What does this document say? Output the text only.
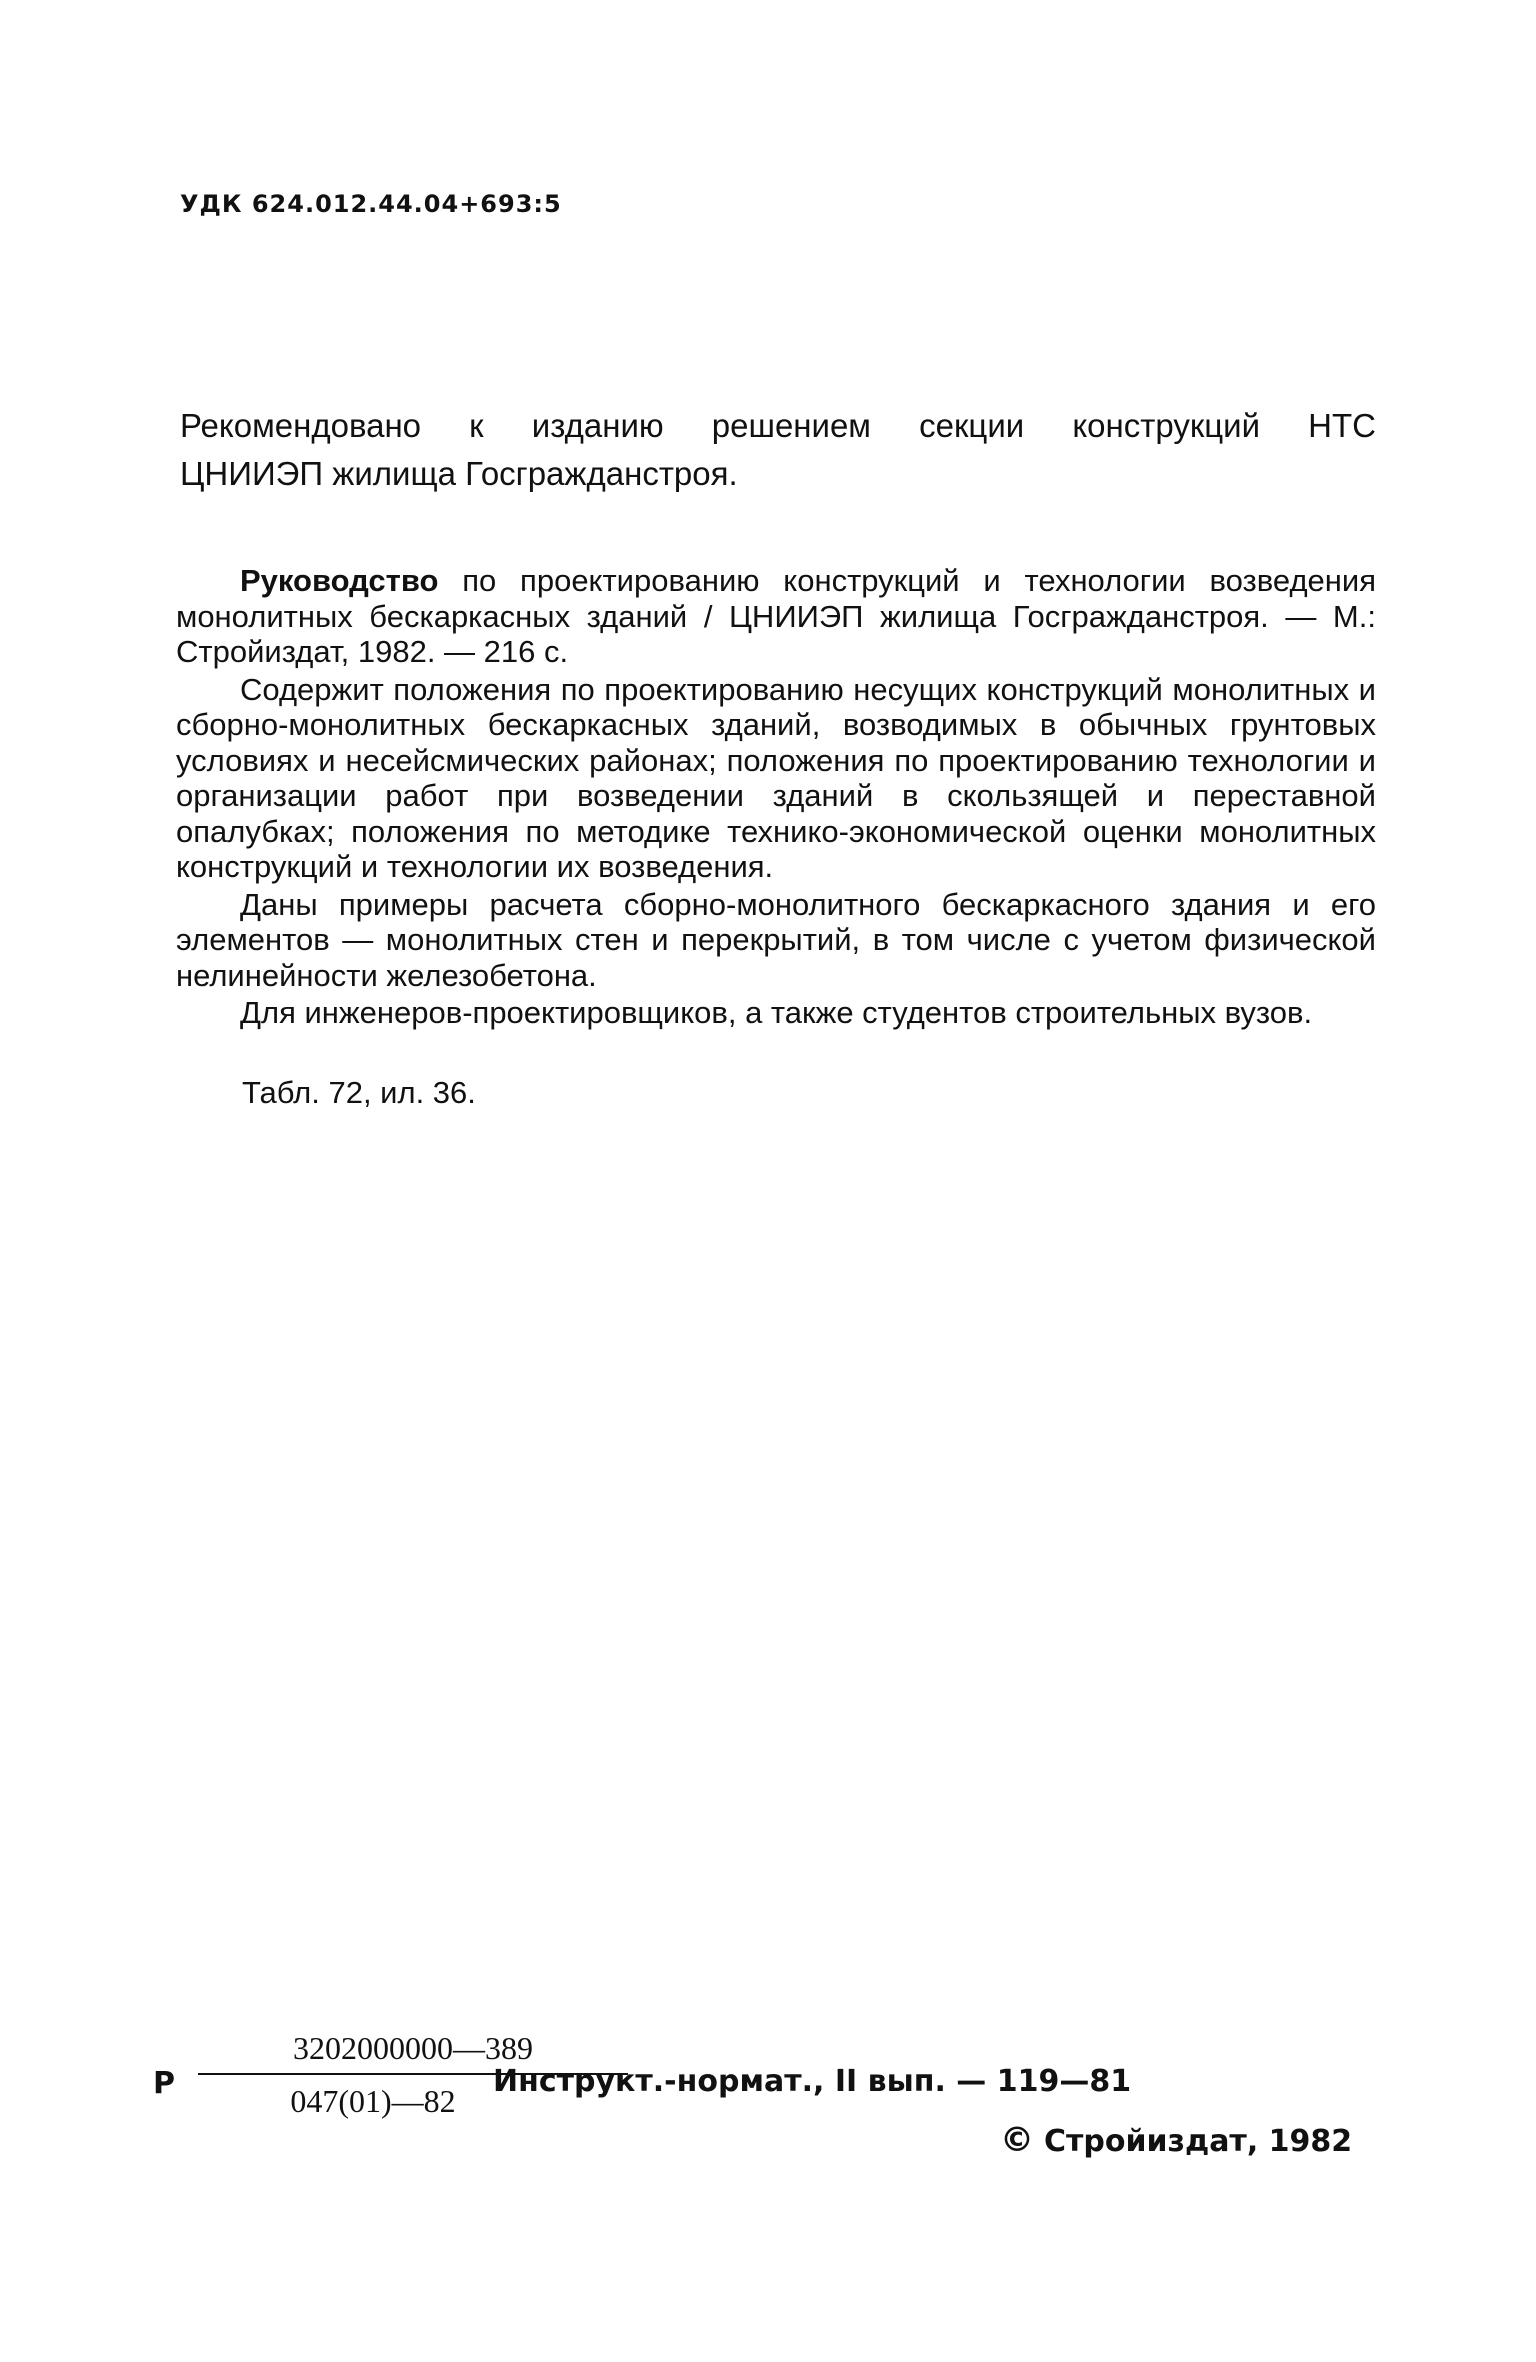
УДК 624.012.44.04+693:5
Рекомендовано к изданию решением секции конструкций НТС
ЦНИИЭП жилища Госгражданстроя.

Руководство по проектированию конструкций и технологии возведения монолитных бескаркасных зданий / ЦНИИЭП жилища Госгражданстроя. — М.: Стройиздат, 1982. — 216 с.

Содержит положения по проектированию несущих конструкций монолитных и сборно-монолитных бескаркасных зданий, возводимых в обычных грунтовых условиях и несейсмических районах; положения по проектированию технологии и организации работ при возведении зданий в скользящей и переставной опалубках; положения по методике технико-экономической оценки монолитных конструкций и технологии их возведения.

Даны примеры расчета сборно-монолитного бескаркасного здания и его элементов — монолитных стен и перекрытий, в том числе с учетом физической нелинейности железобетона.

Для инженеров-проектировщиков, а также студентов строительных вузов.

Табл. 72, ил. 36.
Р $\frac{3202000000—389}{047(01)—82}$
Инструкт.-нормат., II вып. — 119—81
© Стройиздат, 1982
